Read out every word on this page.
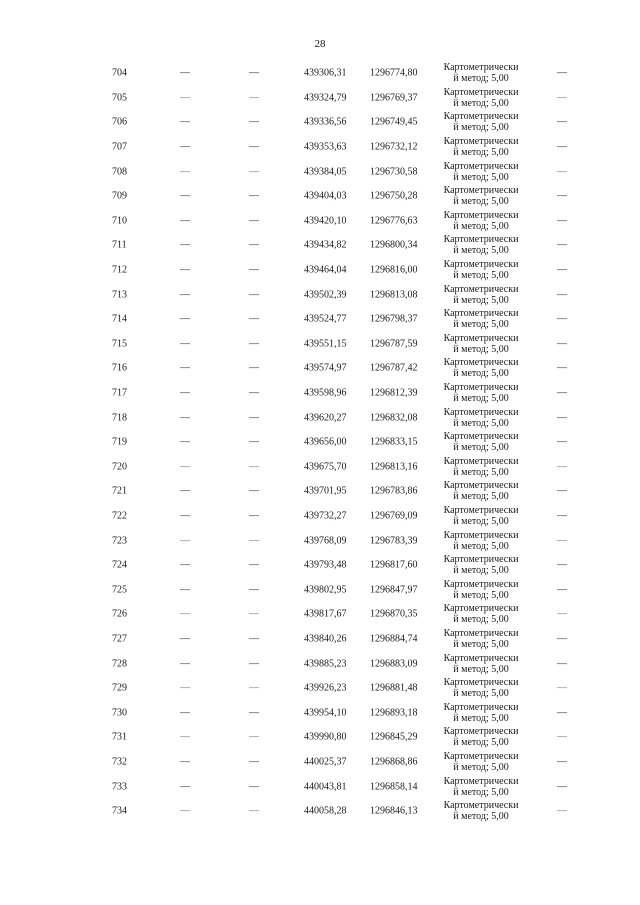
28
704	—	—	439306,31 1296774,80	Картометрически
й метод; 5,00	—
705	—	—	439324,79 1296769,37	Картометрически
й метод; 5,00	—
706	—	—	439336,56 1296749,45	Картометрически
й метод; 5,00	—
707	—	—	439353,63 1296732,12	Картометрически
й метод; 5,00	—
708	—	—	439384,05 1296730,58	Картометрически
й метод; 5,00	—
709	—	—	439404,03 1296750,28	Картометрически
й метод; 5,00	—
710	—	—	439420,10 1296776,63	Картометрически
й метод; 5,00	—
711	—	—	439434,82 1296800,34	Картометрически
й метод; 5,00	—
712	—	—	439464,04 1296816,00	Картометрически
й метод; 5,00	—
713	—	—	439502,39 1296813,08	Картометрически
й метод; 5,00	—
714	—	—	439524,77 1296798,37	Картометрически
й метод; 5,00	—
715	—	—	439551,15 1296787,59	Картометрически
й метод; 5,00	—
716	—	—	439574,97 1296787,42	Картометрически
й метод; 5,00	—
717	—	—	439598,96 1296812,39	Картометрически
й метод; 5,00	—
718	—	—	439620,27 1296832,08	Картометрически
й метод; 5,00	—
719	—	—	439656,00 1296833,15	Картометрически
й метод; 5,00	—
720	—	—	439675,70 1296813,16	Картометрически
й метод; 5,00	—
721	—	—	439701,95 1296783,86	Картометрически
й метод; 5,00	—
722	—	—	439732,27 1296769,09	Картометрически
й метод; 5,00	—
723	—	—	439768,09 1296783,39	Картометрически
й метод; 5,00	—
724	—	—	439793,48 1296817,60	Картометрически
й метод; 5,00	—
725	—	—	439802,95 1296847,97	Картометрически
й метод; 5,00	—
726	—	—	439817,67 1296870,35	Картометрически
й метод; 5,00	—
727	—	—	439840,26 1296884,74	Картометрически
й метод; 5,00	—
728	—	—	439885,23 1296883,09	Картометрически
й метод; 5,00	—
729	—	—	439926,23 1296881,48	Картометрически
й метод; 5,00	—
730	—	—	439954,10 1296893,18	Картометрически
й метод; 5,00	—
731	—	—	439990,80 1296845,29	Картометрически
й метод; 5,00	—
732	—	—	440025,37 1296868,86	Картометрически
й метод; 5,00	—
733	—	—	440043,81 1296858,14	Картометрически
й метод; 5,00	—
734	—	—	440058,28 1296846,13	Картометрически
й метод; 5,00	—
